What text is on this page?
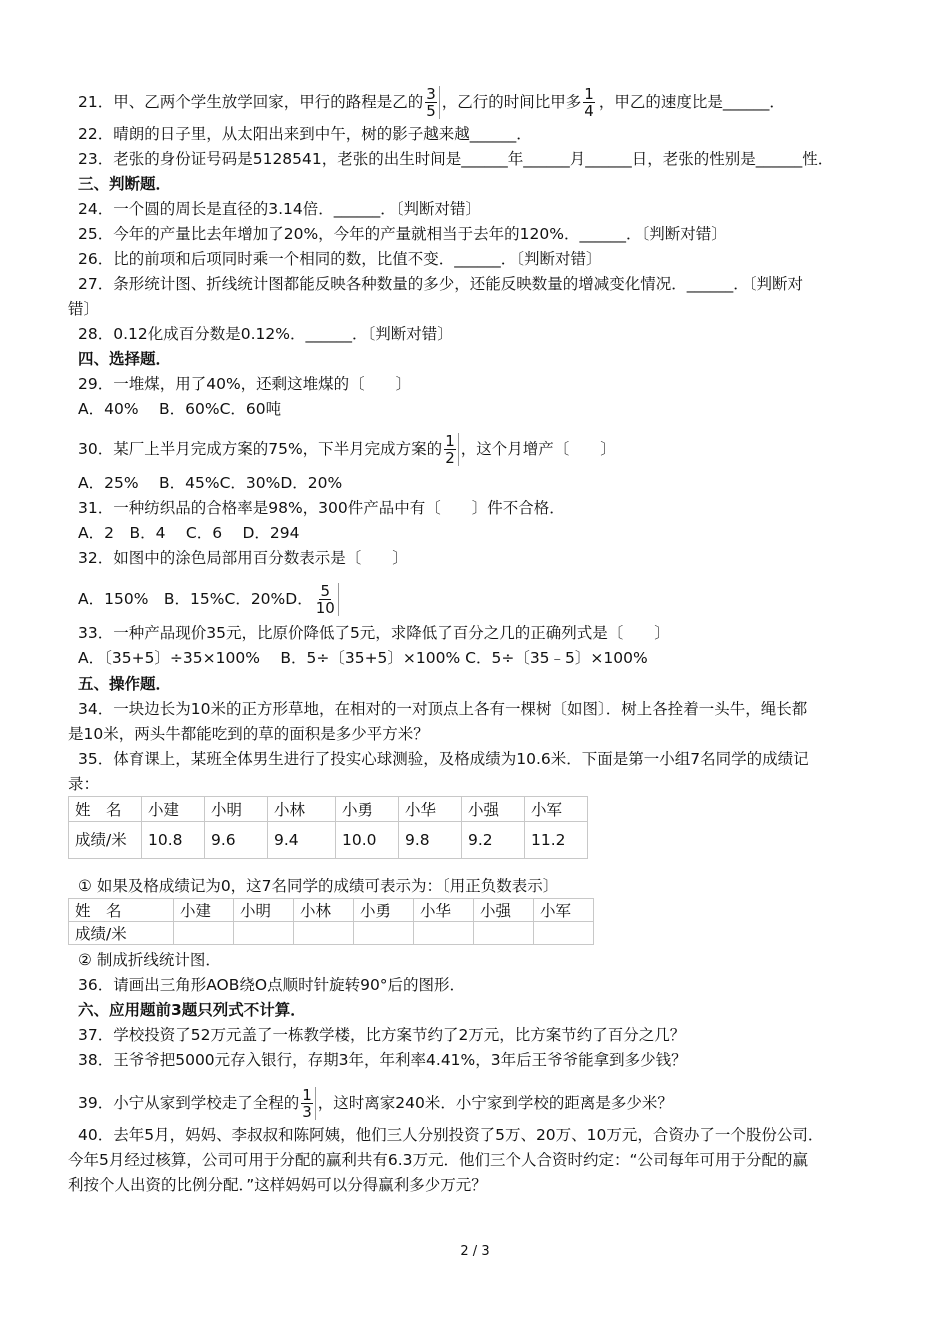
21．甲、乙两个学生放学回家，甲行的路程是乙的 $\frac{3}{5}$ ，乙行的时间比甲多 $\frac{1}{4}$ ，甲乙的速度比是______．
22．晴朗的日子里，从太阳出来到中午，树的影子越来越______．
23．老张的身份证号码是5128541，老张的出生时间是______年______月______日，老张的性别是______性．
三、判断题．
24．一个圆的周长是直径的3.14倍．______．〔判断对错〕
25．今年的产量比去年增加了20%，今年的产量就相当于去年的120%．______．〔判断对错〕
26．比的前项和后项同时乘一个相同的数，比值不变．______．〔判断对错〕
27．条形统计图、折线统计图都能反映各种数量的多少，还能反映数量的增减变化情况．______．〔判断对
错〕
28．0.12化成百分数是0.12%．______．〔判断对错〕
四、选择题．
29．一堆煤，用了40%，还剩这堆煤的〔　　〕
A．40%　 B．60%C．60吨
30．某厂上半月完成方案的75%，下半月完成方案的 $\frac{1}{2}$ ，这个月增产〔　　〕
A．25%　 B．45%C．30%D．20%
31．一种纺织品的合格率是98%，300件产品中有〔　　〕件不合格．
A．2　B．4　 C．6　 D．294
32．如图中的涂色局部用百分数表示是〔　　〕
A．150%　B．15%C．20%D． $\frac{5}{10}$
33．一种产品现价35元，比原价降低了5元，求降低了百分之几的正确列式是〔　　〕
A．〔35+5〕÷35×100%　 B．5÷〔35+5〕×100% C．5÷〔35﹣5〕×100%
五、操作题．
34．一块边长为10米的正方形草地，在相对的一对顶点上各有一棵树〔如图〕．树上各拴着一头牛，绳长都
是10米，两头牛都能吃到的草的面积是多少平方米？
35．体育课上，某班全体男生进行了投实心球测验，及格成绩为10.6米．下面是第一小组7名同学的成绩记
录：
姓　名	小建	小明	小林	小勇	小华	小强	小军
成绩/米	10.8	9.6	9.4	10.0	9.8	9.2	11.2
① 如果及格成绩记为0，这7名同学的成绩可表示为：〔用正负数表示〕
姓　名	小建	小明	小林	小勇	小华	小强	小军
成绩/米							
② 制成折线统计图．
36．请画出三角形AOB绕O点顺时针旋转90°后的图形．
六、应用题前3题只列式不计算．
37．学校投资了52万元盖了一栋教学楼，比方案节约了2万元，比方案节约了百分之几？
38．王爷爷把5000元存入银行，存期3年，年利率4.41%，3年后王爷爷能拿到多少钱？
39．小宁从家到学校走了全程的 $\frac{1}{3}$ ，这时离家240米．小宁家到学校的距离是多少米？
40．去年5月，妈妈、李叔叔和陈阿姨，他们三人分别投资了5万、20万、10万元，合资办了一个股份公司．
今年5月经过核算，公司可用于分配的赢利共有6.3万元．他们三个人合资时约定：“公司每年可用于分配的赢
利按个人出资的比例分配．”这样妈妈可以分得赢利多少万元？
2 / 3
